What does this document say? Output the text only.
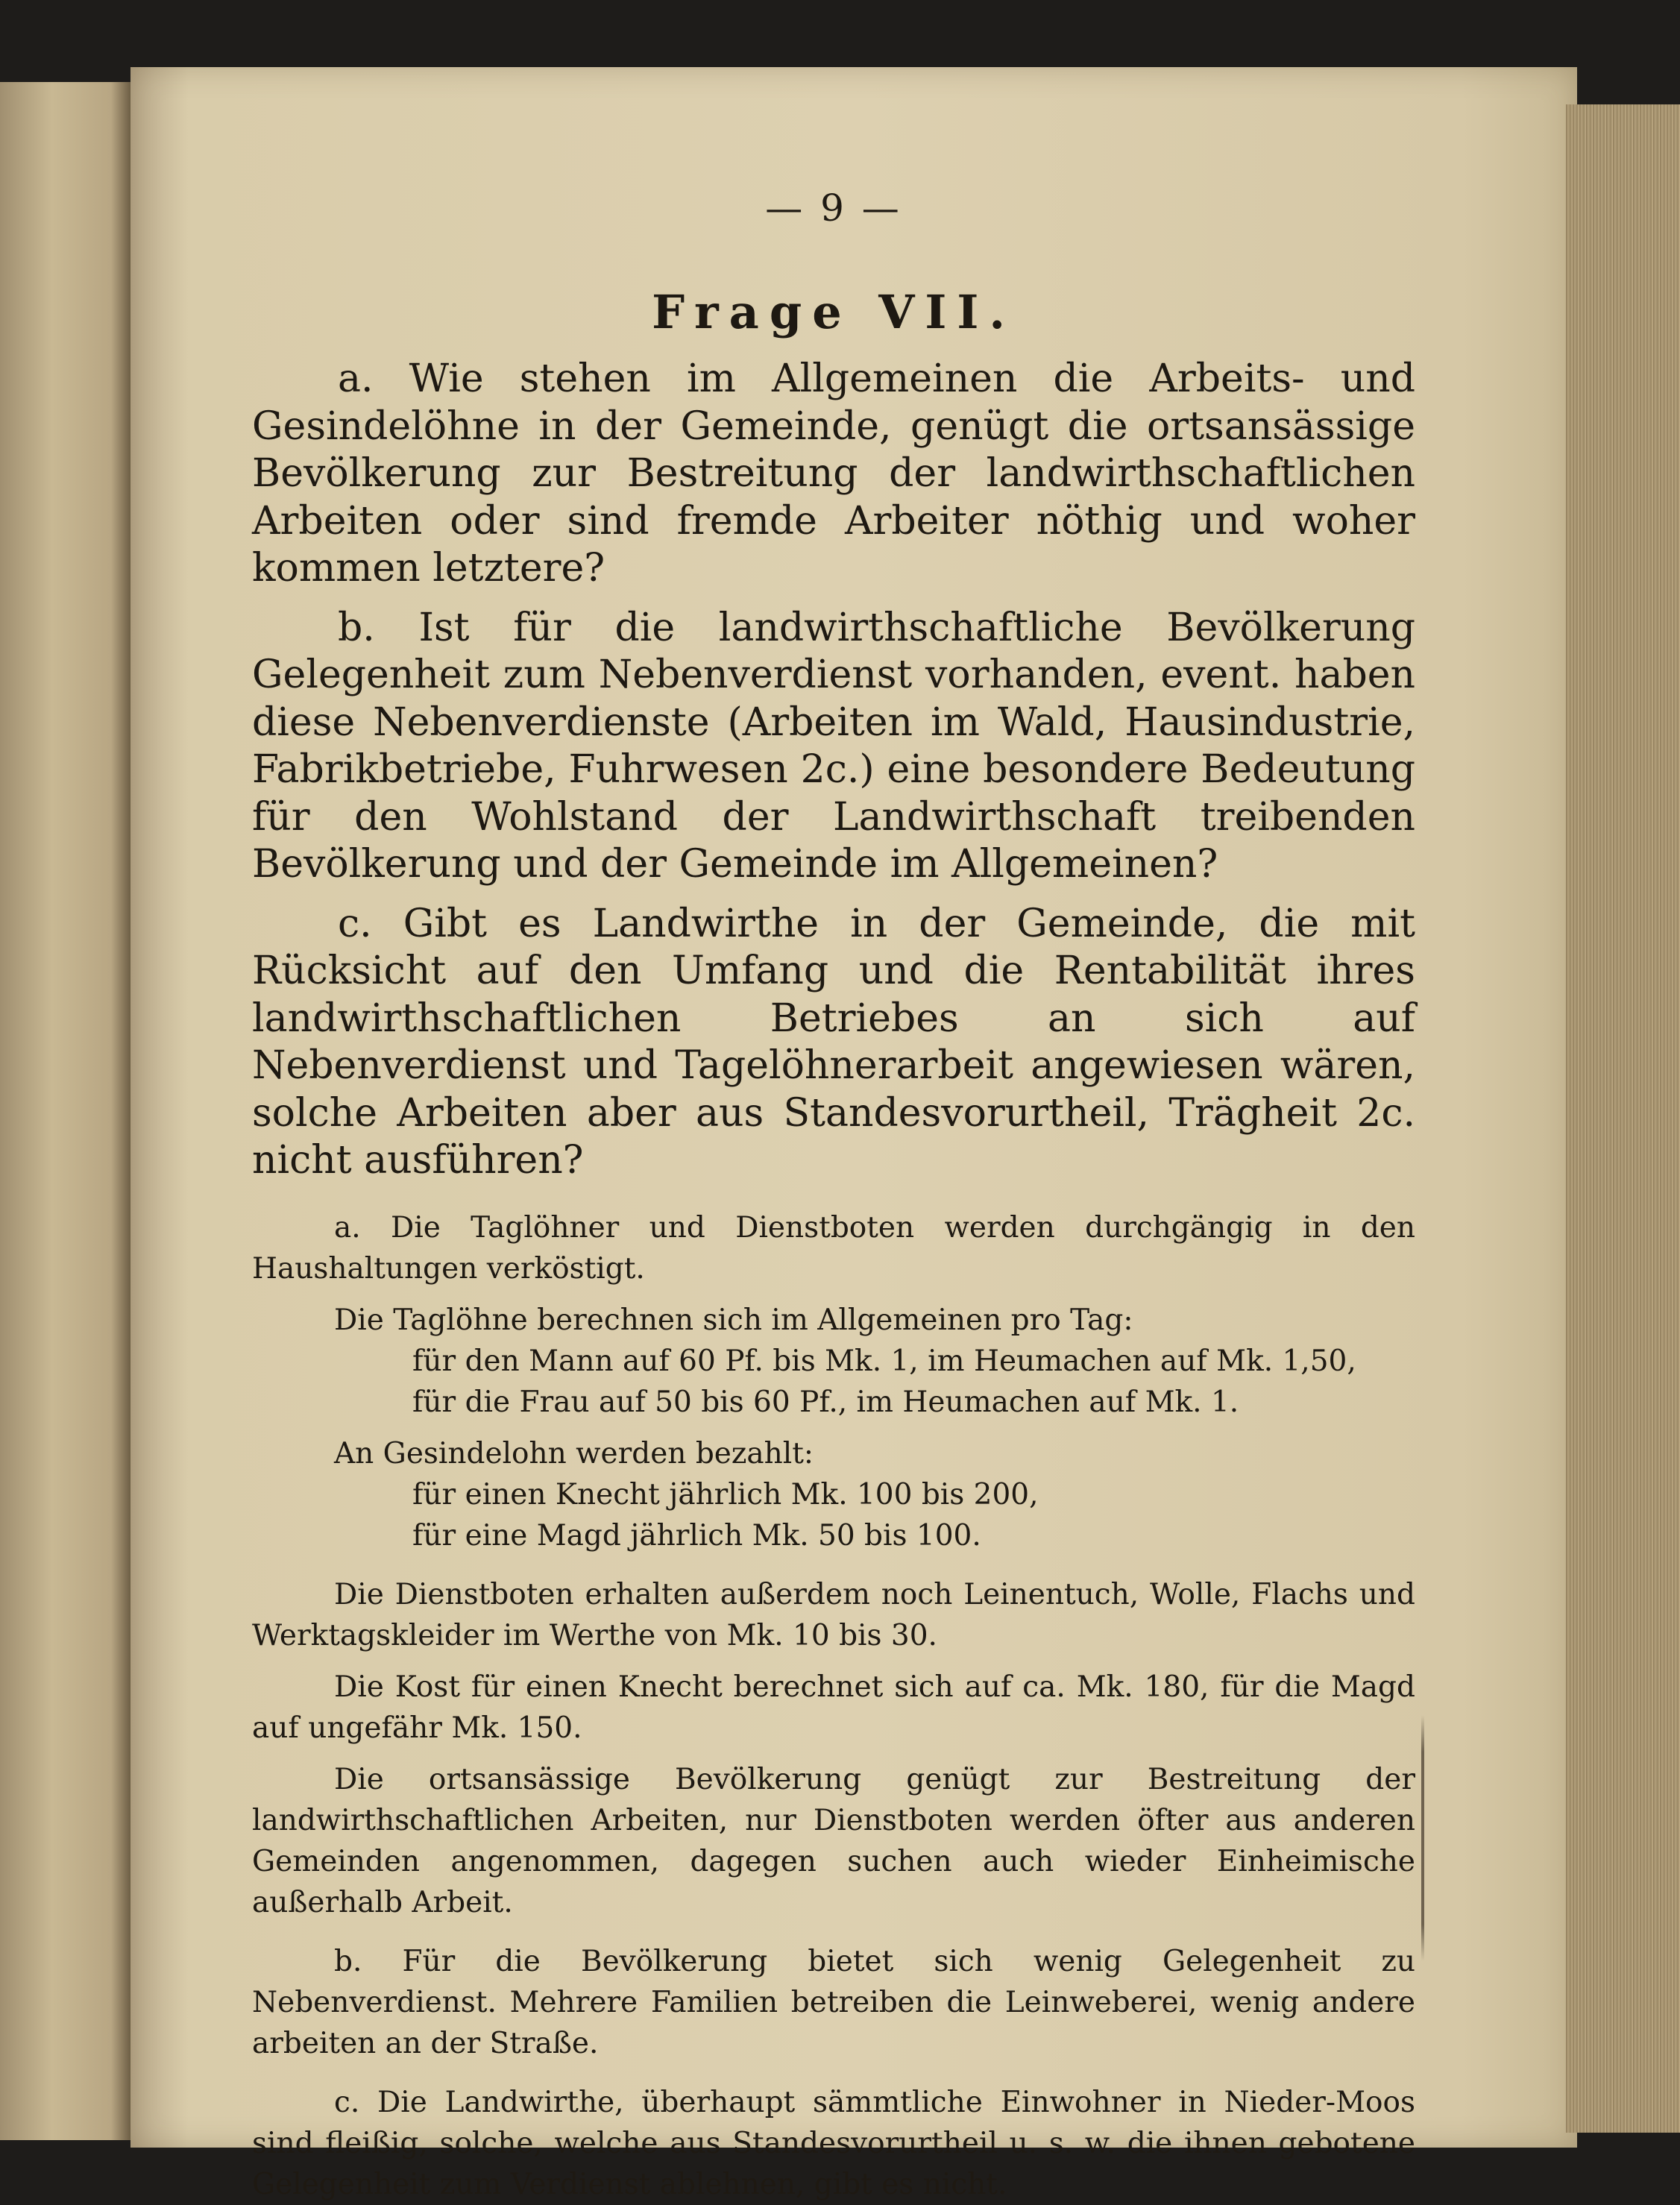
— 9 —
Frage VII.

a. Wie stehen im Allgemeinen die Arbeits- und Gesindelöhne in der Gemeinde, genügt die ortsansässige Bevölkerung zur Bestreitung der landwirthschaftlichen Arbeiten oder sind fremde Arbeiter nöthig und woher kommen letztere?

b. Ist für die landwirthschaftliche Bevölkerung Gelegenheit zum Nebenverdienst vorhanden, event. haben diese Nebenverdienste (Arbeiten im Wald, Hausindustrie, Fabrikbetriebe, Fuhrwesen 2c.) eine besondere Bedeutung für den Wohlstand der Landwirthschaft treibenden Bevölkerung und der Gemeinde im Allgemeinen?

c. Gibt es Landwirthe in der Gemeinde, die mit Rücksicht auf den Umfang und die Rentabilität ihres landwirthschaftlichen Betriebes an sich auf Nebenverdienst und Tagelöhnerarbeit angewiesen wären, solche Arbeiten aber aus Standesvorurtheil, Trägheit 2c. nicht ausführen?

a. Die Taglöhner und Dienstboten werden durchgängig in den Haushaltungen verköstigt.

Die Taglöhne berechnen sich im Allgemeinen pro Tag:

für den Mann auf 60 Pf. bis Mk. 1, im Heumachen auf Mk. 1,50,

für die Frau auf 50 bis 60 Pf., im Heumachen auf Mk. 1.

An Gesindelohn werden bezahlt:

für einen Knecht jährlich Mk. 100 bis 200,

für eine Magd jährlich Mk. 50 bis 100.

Die Dienstboten erhalten außerdem noch Leinentuch, Wolle, Flachs und Werktagskleider im Werthe von Mk. 10 bis 30.

Die Kost für einen Knecht berechnet sich auf ca. Mk. 180, für die Magd auf ungefähr Mk. 150.

Die ortsansässige Bevölkerung genügt zur Bestreitung der landwirthschaftlichen Arbeiten, nur Dienstboten werden öfter aus anderen Gemeinden angenommen, dagegen suchen auch wieder Einheimische außerhalb Arbeit.

b. Für die Bevölkerung bietet sich wenig Gelegenheit zu Nebenverdienst. Mehrere Familien betreiben die Leinweberei, wenig andere arbeiten an der Straße.

c. Die Landwirthe, überhaupt sämmtliche Einwohner in Nieder-Moos sind fleißig, solche, welche aus Standesvorurtheil u. s. w. die ihnen gebotene Gelegenheit zum Verdienst ablehnen, gibt es nicht.
